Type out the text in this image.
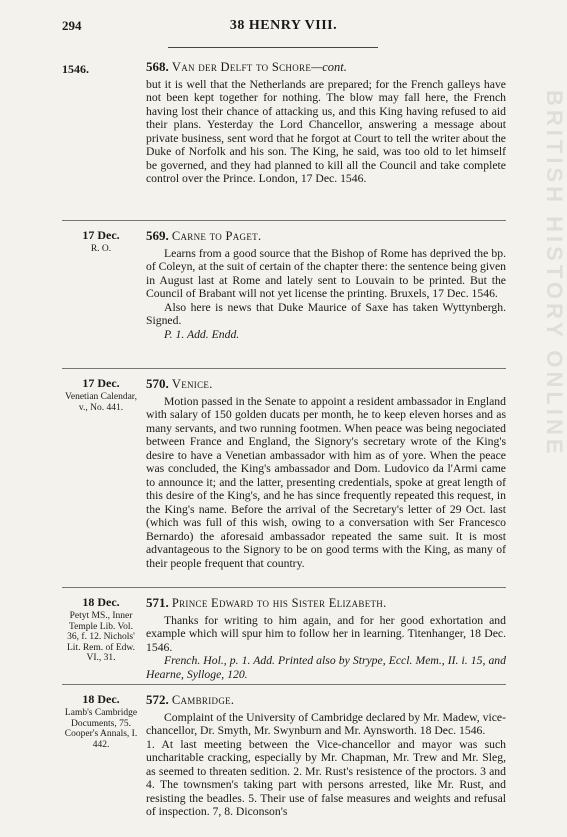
294	38 HENRY VIII.
1546.	568. Van der Delft to Schore—cont.

but it is well that the Netherlands are prepared; for the French galleys have not been kept together for nothing. The blow may fall here, the French having lost their chance of attacking us, and this King having refused to aid their plans. Yesterday the Lord Chancellor, answering a message about private business, sent word that he forgot at Court to tell the writer about the Duke of Norfolk and his son. The King, he said, was too old to let himself be governed, and they had planned to kill all the Council and take complete control over the Prince. London, 17 Dec. 1546.

17 Dec.
R. O.
569. Carne to Paget.

Learns from a good source that the Bishop of Rome has deprived the bp. of Coleyn, at the suit of certain of the chapter there: the sentence being given in August last at Rome and lately sent to Louvain to be printed. But the Council of Brabant will not yet license the printing. Bruxels, 17 Dec. 1546.

Also here is news that Duke Maurice of Saxe has taken Wyttynbergh. Signed.

P. 1. Add. Endd.

17 Dec.
Venetian Calendar, v., No. 441.
570. Venice.

Motion passed in the Senate to appoint a resident ambassador in England with salary of 150 golden ducats per month, he to keep eleven horses and as many servants, and two running footmen. When peace was being negociated between France and England, the Signory's secretary wrote of the King's desire to have a Venetian ambassador with him as of yore. When the peace was concluded, the King's ambassador and Dom. Ludovico da l'Armi came to announce it; and the latter, presenting credentials, spoke at great length of this desire of the King's, and he has since frequently repeated this request, in the King's name. Before the arrival of the Secretary's letter of 29 Oct. last (which was full of this wish, owing to a conversation with Ser Francesco Bernardo) the aforesaid ambassador repeated the same suit. It is most advantageous to the Signory to be on good terms with the King, as many of their people frequent that country.

18 Dec.
Petyt MS., Inner Temple Lib. Vol. 36, f. 12. Nichols' Lit. Rem. of Edw. VI., 31.
571. Prince Edward to his Sister Elizabeth.

Thanks for writing to him again, and for her good exhortation and example which will spur him to follow her in learning. Titenhanger, 18 Dec. 1546.

French. Hol., p. 1. Add. Printed also by Strype, Eccl. Mem., II. i. 15, and Hearne, Sylloge, 120.

18 Dec.
Lamb's Cambridge Documents, 75. Cooper's Annals, I. 442.
572. Cambridge.

Complaint of the University of Cambridge declared by Mr. Madew, vice-chancellor, Dr. Smyth, Mr. Swynburn and Mr. Aynsworth. 18 Dec. 1546.

1. At last meeting between the Vice-chancellor and mayor was such uncharitable cracking, especially by Mr. Chapman, Mr. Trew and Mr. Sleg, as seemed to threaten sedition. 2. Mr. Rust's resistence of the proctors. 3 and 4. The townsmen's taking part with persons arrested, like Mr. Rust, and resisting the beadles. 5. Their use of false measures and weights and refusal of inspection. 7, 8. Diconson's

BRITISH HISTORY ONLINE
